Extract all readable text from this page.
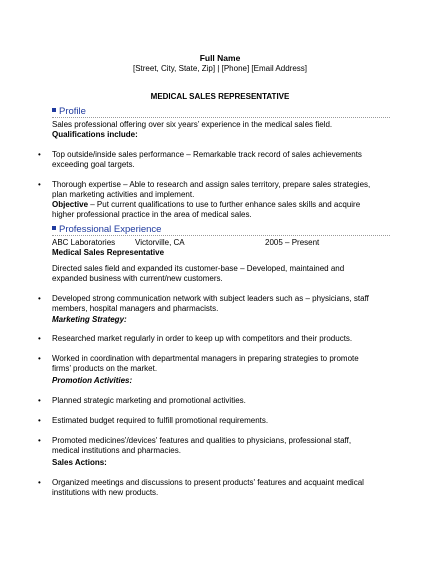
Full Name
[Street, City, State, Zip] | [Phone] [Email Address]
MEDICAL SALES REPRESENTATIVE
Profile
Sales professional offering over six years’ experience in the medical sales field.
Qualifications include:
• Top outside/inside sales performance – Remarkable track record of sales achievements
exceeding goal targets.
• Thorough expertise – Able to research and assign sales territory, prepare sales strategies,
plan marketing activities and implement.
Objective – Put current qualifications to use to further enhance sales skills and acquire
higher professional practice in the area of medical sales.
Professional Experience
ABC Laboratories Victorville, CA	2005 – Present
Medical Sales Representative
Directed sales field and expanded its customer-base – Developed, maintained and
expanded business with current/new customers.
• Developed strong communication network with subject leaders such as – physicians, staff
members, hospital managers and pharmacists.
Marketing Strategy:
• Researched market regularly in order to keep up with competitors and their products.
• Worked in coordination with departmental managers in preparing strategies to promote
firms’ products on the market.
Promotion Activities:
• Planned strategic marketing and promotional activities.
• Estimated budget required to fulfill promotional requirements.
• Promoted medicines'/devices' features and qualities to physicians, professional staff,
medical institutions and pharmacies.
Sales Actions:
• Organized meetings and discussions to present products' features and acquaint medical
institutions with new products.
